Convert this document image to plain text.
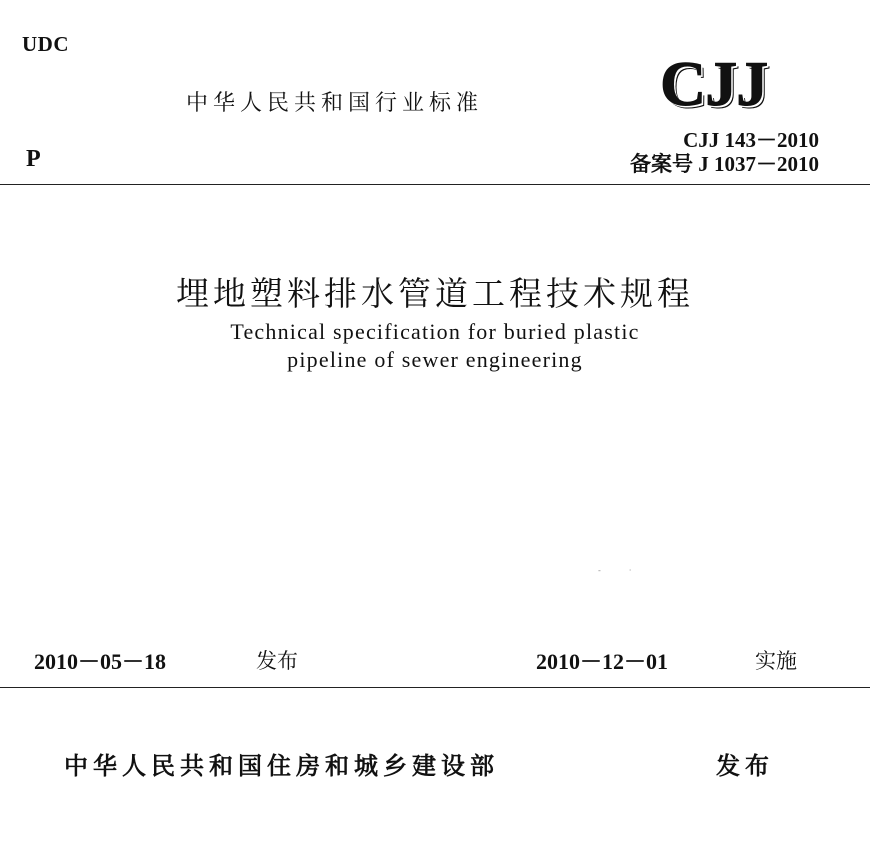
UDC
中华人民共和国行业标准	CJJ
CJJ 143－2010
P	备案号 J 1037－2010
埋地塑料排水管道工程技术规程
Technical specification for buried plastic
pipeline of sewer engineering
-           ·
2010－05－18	发布	2010－12－01	实施
中华人民共和国住房和城乡建设部	发布
